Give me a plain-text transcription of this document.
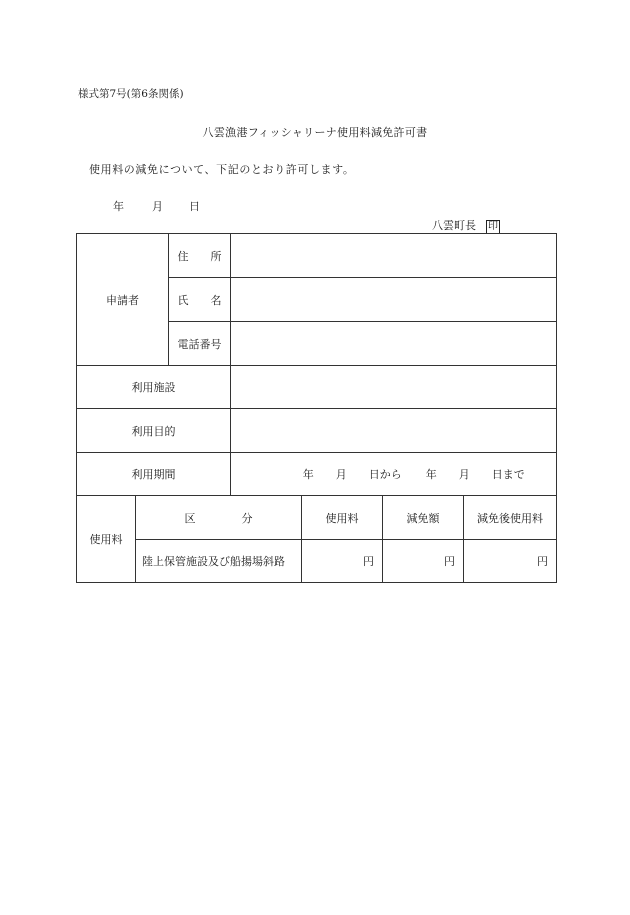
様式第7号(第6条関係)
八雲漁港フィッシャリーナ使用料減免許可書
使用料の減免について、下記のとおり許可します。
年	月 日
八雲町長 印
申請者		住 所				
		氏 名				
		電話番号				
利用施設						
利用目的						
利用期間			年 月 日から 年 月 日まで			
使用料	区 分			使用料	減免額	減免後使用料
	陸上保管施設及び船揚場斜路			円	円	円
